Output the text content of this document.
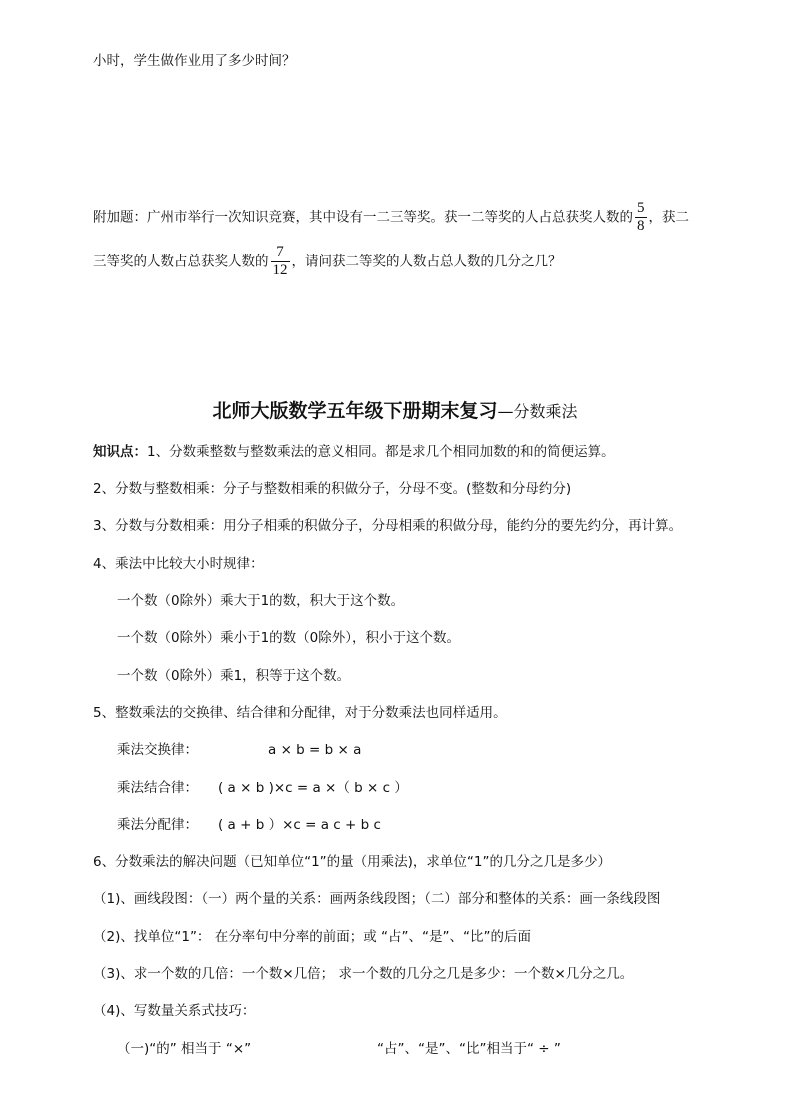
小时，学生做作业用了多少时间？
附加题：广州市举行一次知识竞赛，其中设有一二三等奖。获一二等奖的人占总获奖人数的 $\frac{5}{8}$ ，获二
三等奖的人数占总获奖人数的 $\frac{7}{12}$ ，请问获二等奖的人数占总人数的几分之几？
北师大版数学五年级下册期末复习—分数乘法
知识点：1、分数乘整数与整数乘法的意义相同。都是求几个相同加数的和的简便运算。
2、分数与整数相乘：分子与整数相乘的积做分子，分母不变。(整数和分母约分)
3、分数与分数相乘：用分子相乘的积做分子，分母相乘的积做分母，能约分的要先约分，再计算。
4、乘法中比较大小时规律：
一个数（0除外）乘大于1的数，积大于这个数。
一个数（0除外）乘小于1的数（0除外），积小于这个数。
一个数（0除外）乘1，积等于这个数。
5、整数乘法的交换律、结合律和分配律，对于分数乘法也同样适用。
乘法交换律：	a × b = b × a
乘法结合律： ( a × b )×c = a ×（ b × c ）
乘法分配律： ( a + b ）×c = a c + b c
6、分数乘法的解决问题（已知单位“1”的量（用乘法)，求单位“1”的几分之几是多少）
（1)、画线段图：（一）两个量的关系：画两条线段图；（二）部分和整体的关系：画一条线段图
（2)、找单位“1”： 在分率句中分率的前面；或 “占”、“是”、“比”的后面
（3)、求一个数的几倍：一个数×几倍； 求一个数的几分之几是多少：一个数×几分之几。
（4)、写数量关系式技巧：
（一)“的” 相当于 “×”	“占”、“是”、“比”相当于“ ÷ ”
